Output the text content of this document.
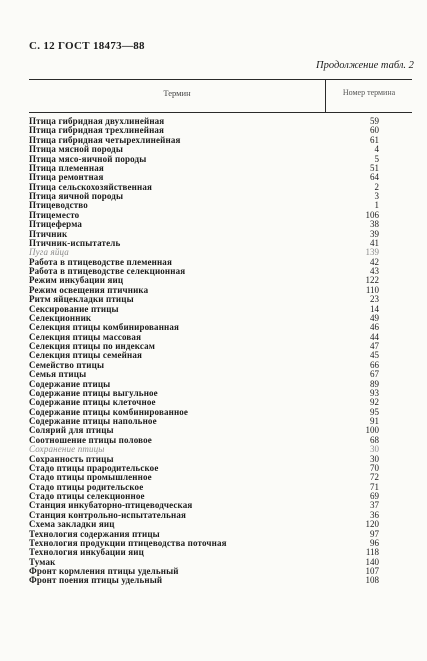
С. 12 ГОСТ 18473—88
Продолжение табл. 2
Термин	Номер термина
Птица гибридная двухлинейная	59
Птица гибридная трехлинейная	60
Птица гибридная четырехлинейная	61
Птица мясной породы	4
Птица мясо-яичной породы	5
Птица племенная	51
Птица ремонтная	64
Птица сельскохозяйственная	2
Птица яичной породы	3
Птицеводство	1
Птицеместо	106
Птицеферма	38
Птичник	39
Птичник-испытатель	41
Пуга яйца	139
Работа в птицеводстве племенная	42
Работа в птицеводстве селекционная	43
Режим инкубации яиц	122
Режим освещения птичника	110
Ритм яйцекладки птицы	23
Сексирование птицы	14
Селекционник	49
Селекция птицы комбинированная	46
Селекция птицы массовая	44
Селекция птицы по индексам	47
Селекция птицы семейная	45
Семейство птицы	66
Семья птицы	67
Содержание птицы	89
Содержание птицы выгульное	93
Содержание птицы клеточное	92
Содержание птицы комбинированное	95
Содержание птицы напольное	91
Солярий для птицы	100
Соотношение птицы половое	68
Сохранение птицы	30
Сохранность птицы	30
Стадо птицы прародительское	70
Стадо птицы промышленное	72
Стадо птицы родительское	71
Стадо птицы селекционное	69
Станция инкубаторно-птицеводческая	37
Станция контрольно-испытательная	36
Схема закладки яиц	120
Технология содержания птицы	97
Технология продукции птицеводства поточная	96
Технология инкубации яиц	118
Тумак	140
Фронт кормления птицы удельный	107
Фронт поения птицы удельный	108
